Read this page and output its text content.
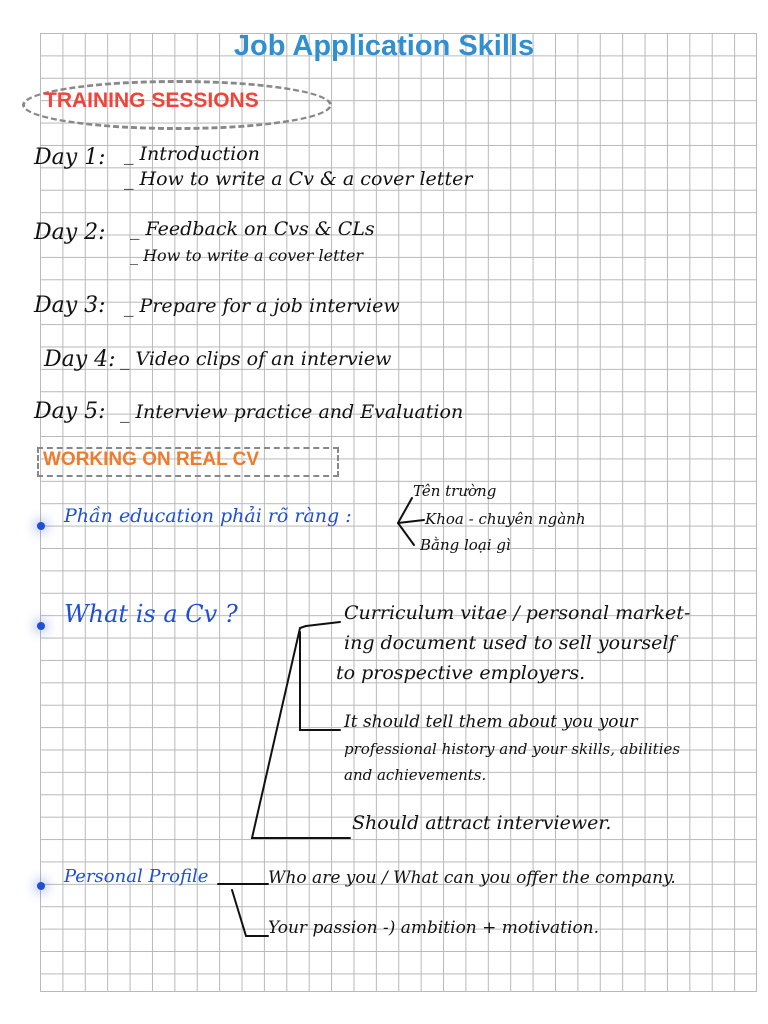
Job Application Skills
TRAINING SESSIONS
Day 1: _ Introduction
_ How to write a Cv & a cover letter
Day 2: _ Feedback on Cvs & CLs
_ How to write a cover letter
Day 3: _ Prepare for a job interview
Day 4: _ Video clips of an interview
Day 5: _ Interview practice and Evaluation
WORKING ON REAL CV
Phần education phải rõ ràng :
Tên trường
Khoa - chuyên ngành
Bằng loại gì
What is a Cv ?	Curriculum vitae / personal market-
ing document used to sell yourself
to prospective employers.
It should tell them about you your
professional history and your skills, abilities
and achievements.
Should attract interviewer.
Personal Profile	Who are you / What can you offer the company.
Your passion -) ambition + motivation.
